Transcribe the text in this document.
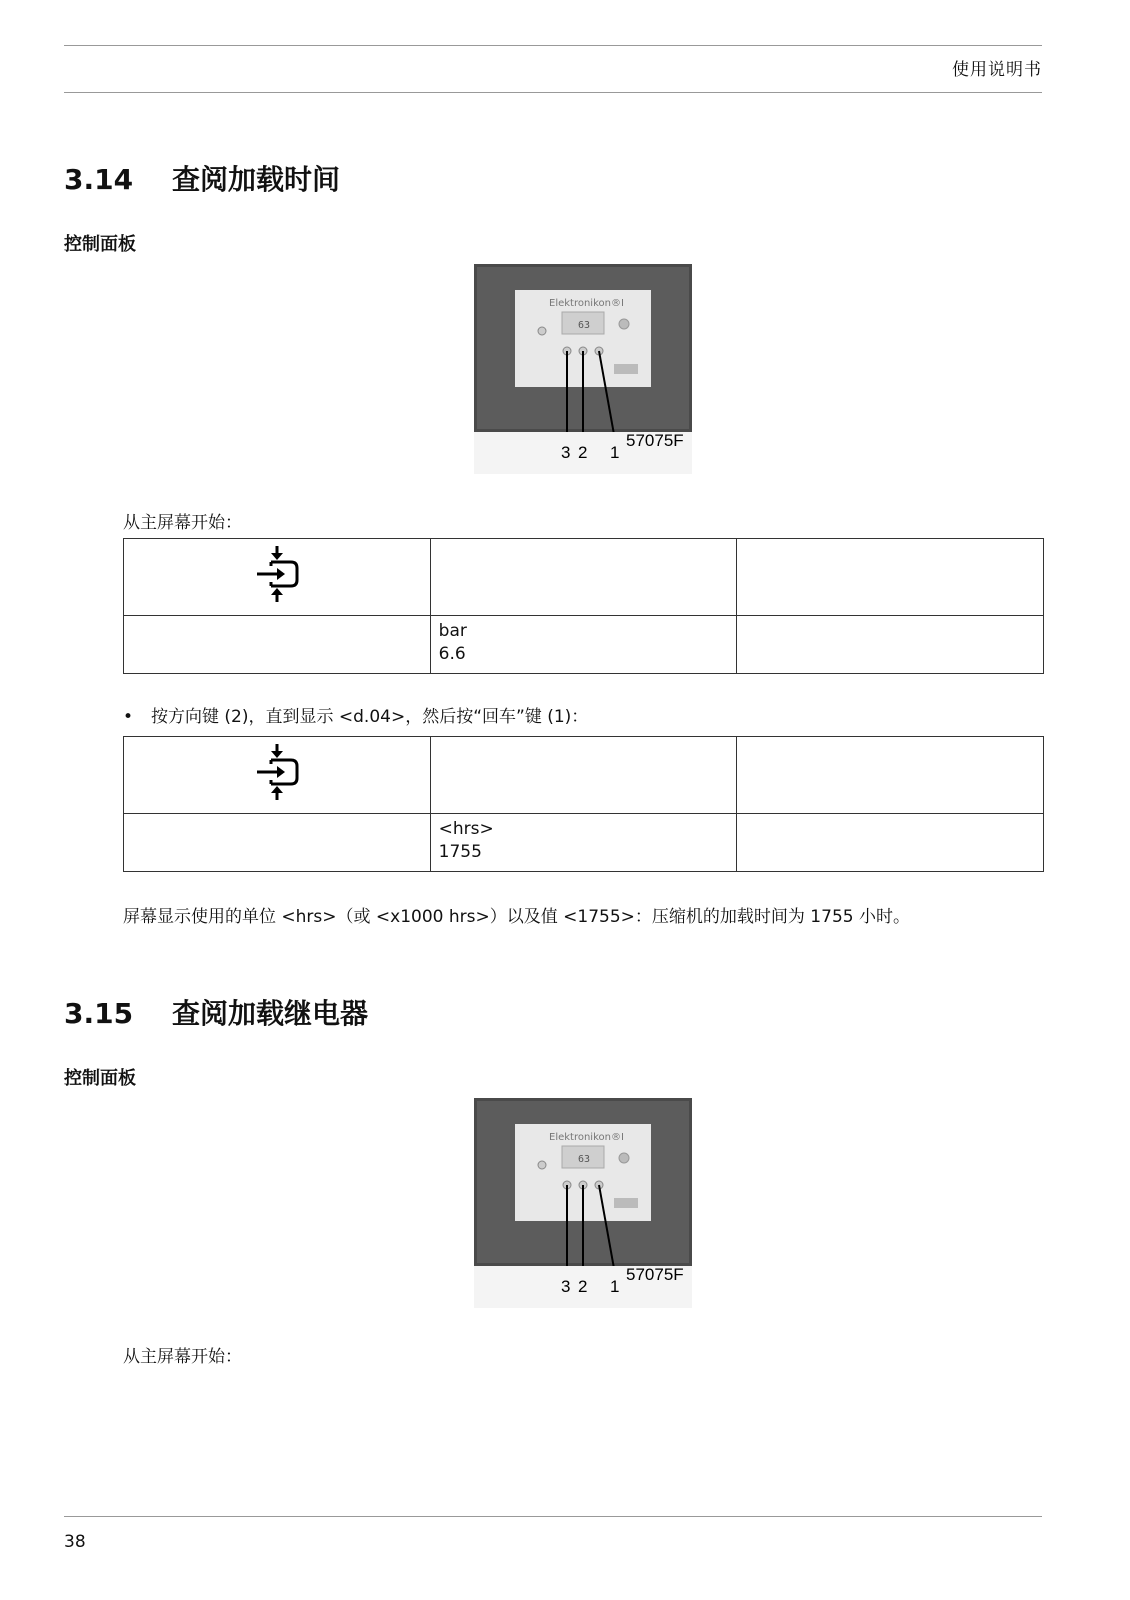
使用说明书
3.14 查阅加载时间
控制面板
Elektronikon®I
63
3 2 1
57075F
从主屏幕开始：

	bar
6.6	

• 按方向键 (2)，直到显示 <d.04>，然后按“回车”键 (1)：

	<hrs>
1755	

屏幕显示使用的单位 <hrs>（或 <x1000 hrs>）以及值 <1755>：压缩机的加载时间为 1755 小时。
3.15 查阅加载继电器
控制面板
Elektronikon®I
63
3 2 1
57075F
从主屏幕开始：
38
